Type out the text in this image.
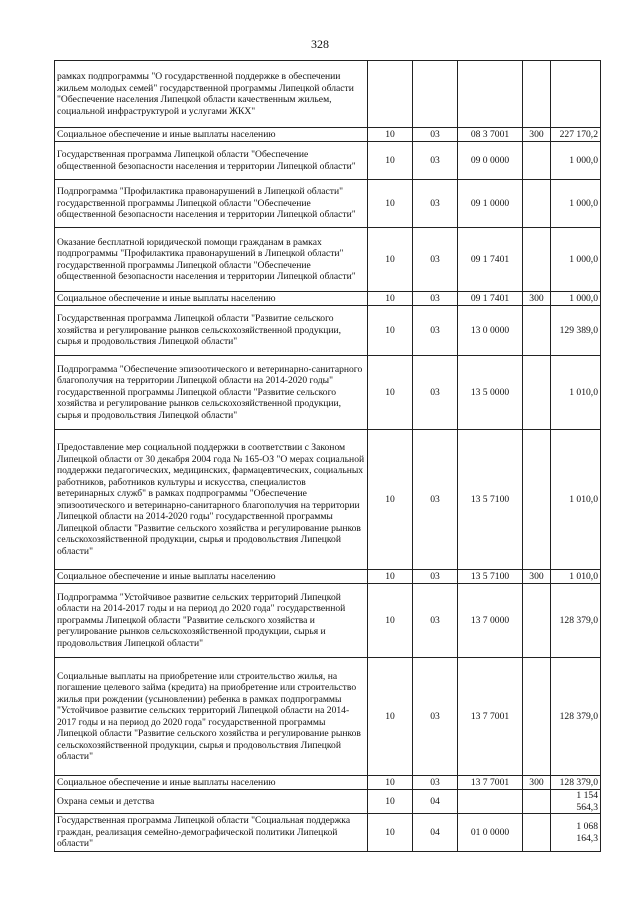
328
рамках подпрограммы "О государственной поддержке в обеспечении жильем молодых семей" государственной программы Липецкой области "Обеспечение населения Липецкой области качественным жильем, социальной инфраструктурой и услугами ЖКХ"					
Социальное обеспечение и иные выплаты населению	10	03	08 3 7001	300	227 170,2
Государственная программа Липецкой области "Обеспечение общественной безопасности населения и территории Липецкой области"	10	03	09 0 0000		1 000,0
Подпрограмма "Профилактика правонарушений в Липецкой области" государственной программы Липецкой области "Обеспечение общественной безопасности населения и территории Липецкой области"	10	03	09 1 0000		1 000,0
Оказание бесплатной юридической помощи гражданам в рамках подпрограммы "Профилактика правонарушений в Липецкой области" государственной программы Липецкой области "Обеспечение общественной безопасности населения и территории Липецкой области"	10	03	09 1 7401		1 000,0
Социальное обеспечение и иные выплаты населению	10	03	09 1 7401	300	1 000,0
Государственная программа Липецкой области "Развитие сельского хозяйства и регулирование рынков сельскохозяйственной продукции, сырья и продовольствия Липецкой области"	10	03	13 0 0000		129 389,0
Подпрограмма "Обеспечение эпизоотического и ветеринарно-санитарного благополучия на территории Липецкой области на 2014-2020 годы" государственной программы Липецкой области "Развитие сельского хозяйства и регулирование рынков сельскохозяйственной продукции, сырья и продовольствия Липецкой области"	10	03	13 5 0000		1 010,0
Предоставление мер социальной поддержки в соответствии с Законом Липецкой области от 30 декабря 2004 года № 165-ОЗ "О мерах социальной поддержки педагогических, медицинских, фармацевтических, социальных работников, работников культуры и искусства, специалистов ветеринарных служб" в рамках подпрограммы "Обеспечение эпизоотического и ветеринарно-санитарного благополучия на территории Липецкой области на 2014-2020 годы" государственной программы Липецкой области "Развитие сельского хозяйства и регулирование рынков сельскохозяйственной продукции, сырья и продовольствия Липецкой области"	10	03	13 5 7100		1 010,0
Социальное обеспечение и иные выплаты населению	10	03	13 5 7100	300	1 010,0
Подпрограмма "Устойчивое развитие сельских территорий Липецкой области на 2014-2017 годы и на период до 2020 года" государственной программы Липецкой области "Развитие сельского хозяйства и регулирование рынков сельскохозяйственной продукции, сырья и продовольствия Липецкой области"	10	03	13 7 0000		128 379,0
Социальные выплаты на приобретение или строительство жилья, на погашение целевого займа (кредита) на приобретение или строительство жилья при рождении (усыновлении) ребенка в рамках подпрограммы "Устойчивое развитие сельских территорий Липецкой области на 2014-2017 годы и на период до 2020 года" государственной программы Липецкой области "Развитие сельского хозяйства и регулирование рынков сельскохозяйственной продукции, сырья и продовольствия Липецкой области"	10	03	13 7 7001		128 379,0
Социальное обеспечение и иные выплаты населению	10	03	13 7 7001	300	128 379,0
Охрана семьи и детства	10	04			1 154 564,3
Государственная программа Липецкой области "Социальная поддержка граждан, реализация семейно-демографической политики Липецкой области"	10	04	01 0 0000		1 068 164,3
